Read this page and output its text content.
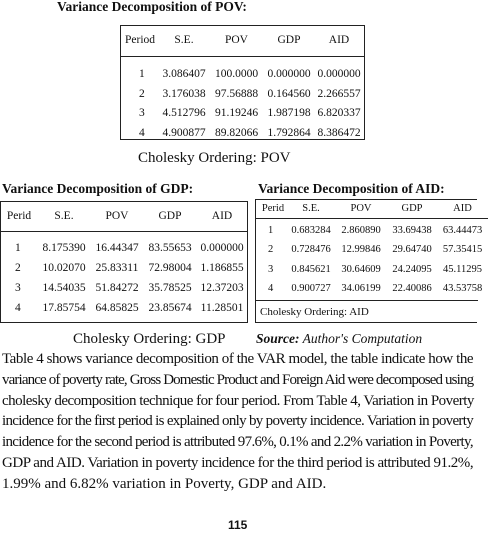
Variance Decomposition of POV:
Period	S.E.	POV	GDP	AID

1	3.086407	100.0000	0.000000	0.000000
2	3.176038	97.56888	0.164560	2.266557
3	4.512796	91.19246	1.987198	6.820337
4	4.900877	89.82066	1.792864	8.386472
Cholesky Ordering: POV
Variance Decomposition of GDP:
Perid	S.E.	POV	GDP	AID

1	8.175390	16.44347	83.55653	0.000000
2	10.02070	25.83311	72.98004	1.186855
3	14.54035	51.84272	35.78525	12.37203
4	17.85754	64.85825	23.85674	11.28501
Cholesky Ordering: GDP
Variance Decomposition of AID:
Perid	S.E.	POV	GDP	AID

1	0.683284	2.860890	33.69438	63.44473
2	0.728476	12.99846	29.64740	57.35415
3	0.845621	30.64609	24.24095	45.11295
4	0.900727	34.06199	22.40086	43.53758
Cholesky Ordering: AID
Source: Author's Computation
Table 4 shows variance decomposition of the VAR model, the table indicate how the
variance of poverty rate, Gross Domestic Product and Foreign Aid were decomposed using
cholesky decomposition technique for four period. From Table 4, Variation in Poverty
incidence for the first period is explained only by poverty incidence. Variation in poverty
incidence for the second period is attributed 97.6%, 0.1% and 2.2% variation in Poverty,
GDP and AID. Variation in poverty incidence for the third period is attributed 91.2%,
1.99% and 6.82% variation in Poverty, GDP and AID.
115
